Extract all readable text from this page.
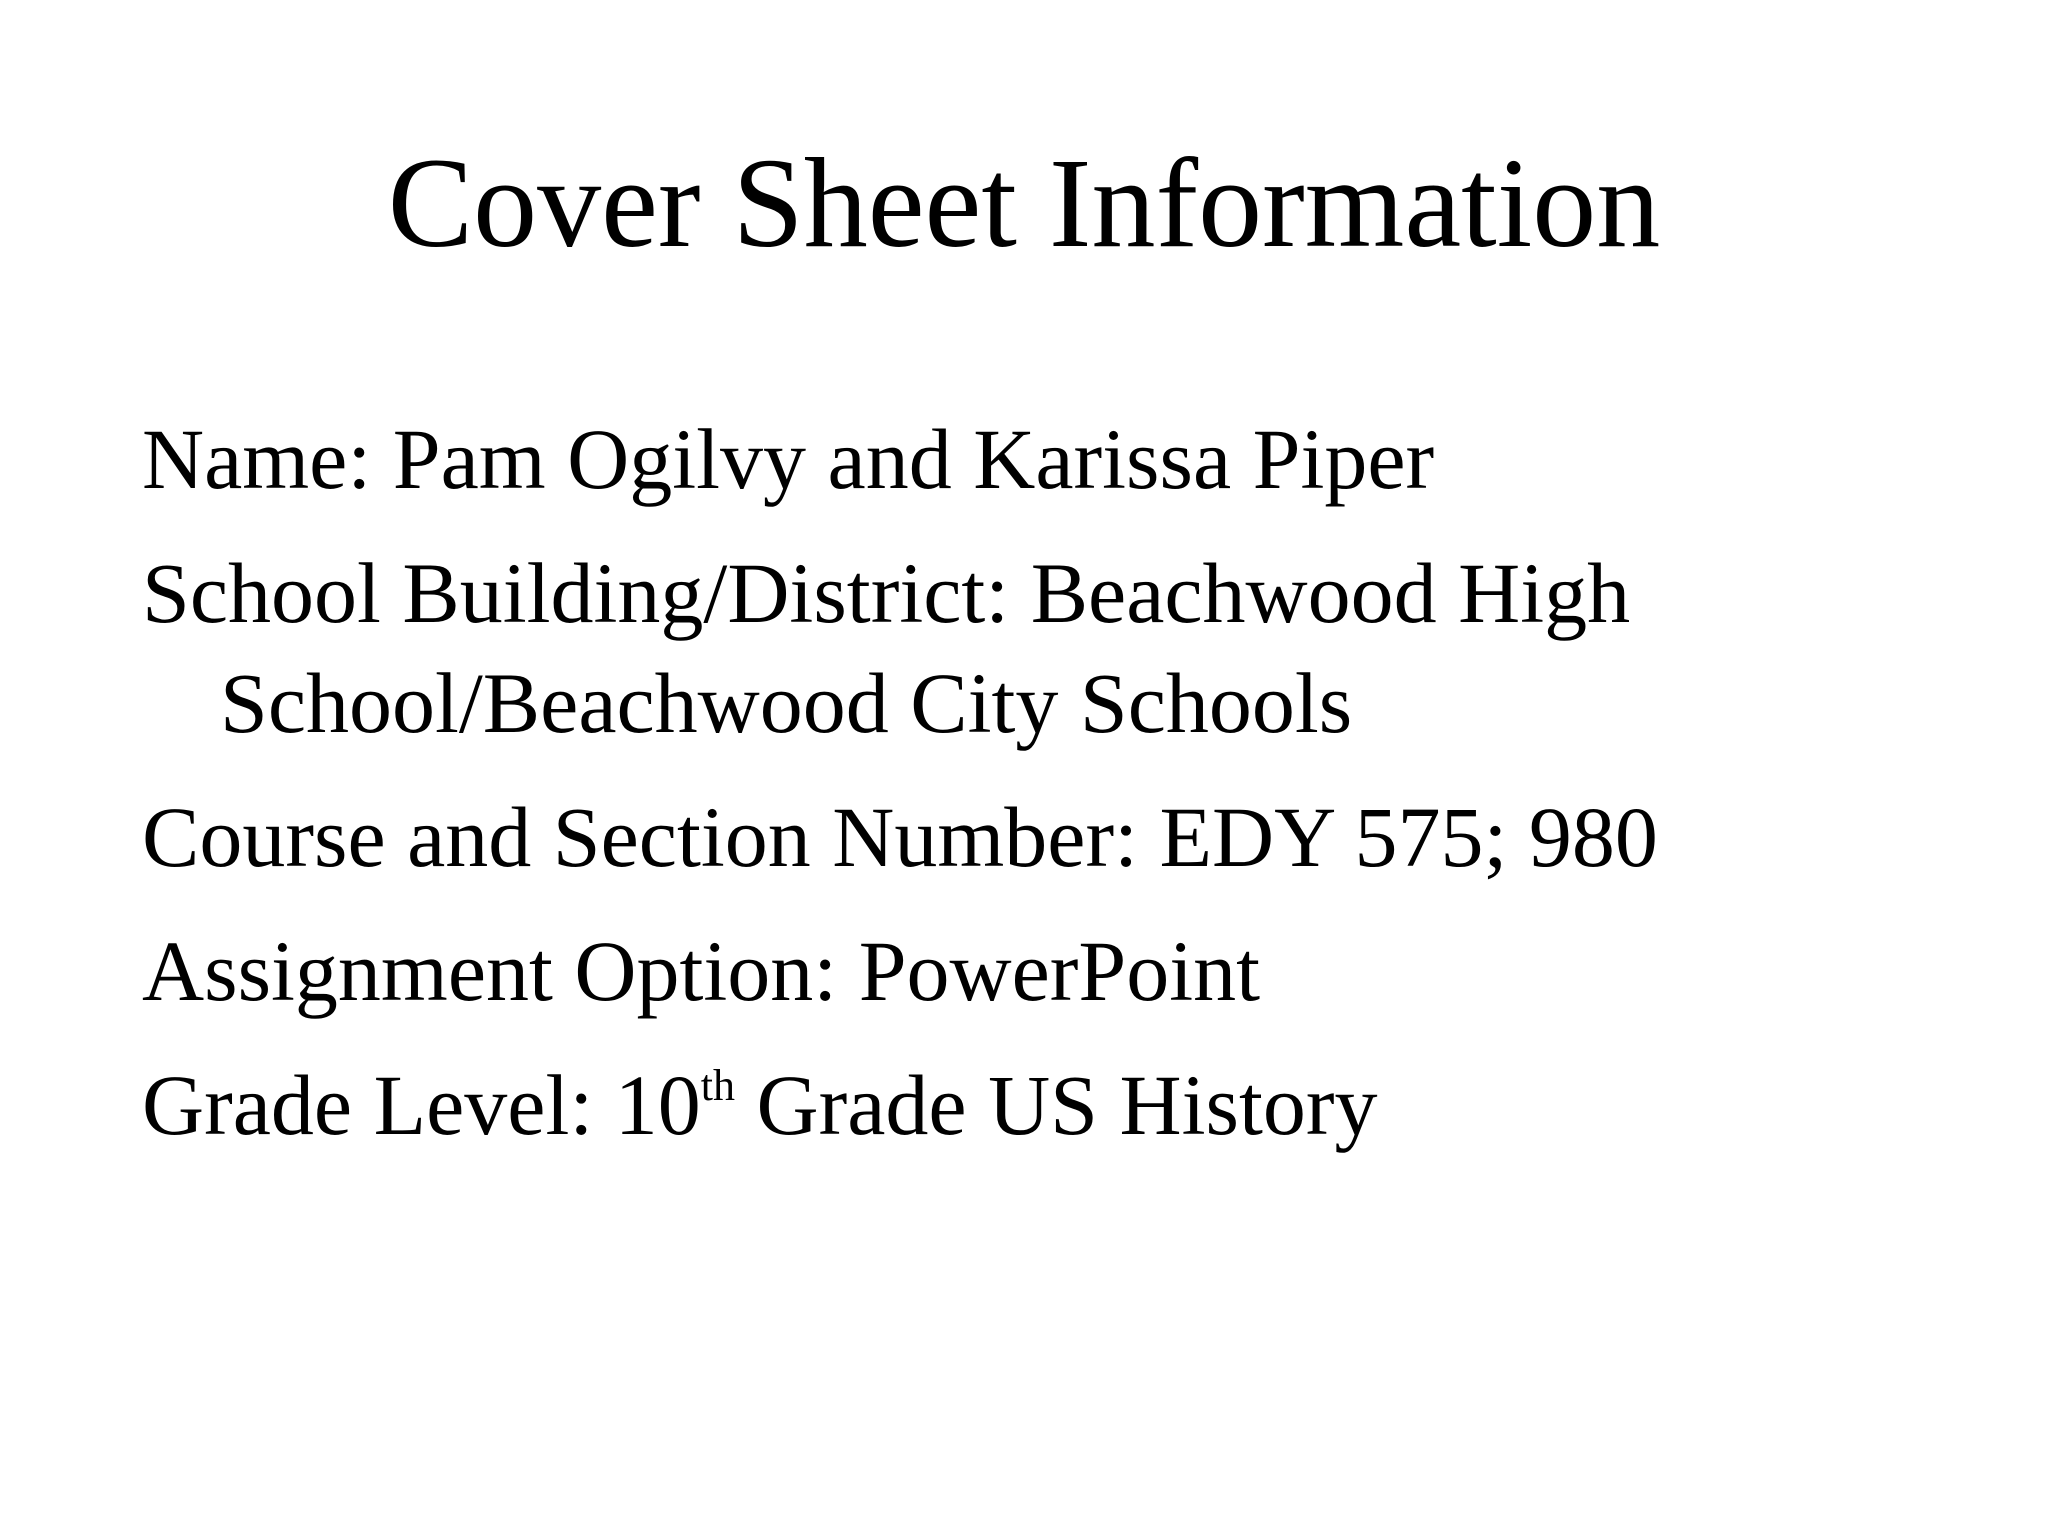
Cover Sheet Information
Name: Pam Ogilvy and Karissa Piper
School Building/District: Beachwood High
School/Beachwood City Schools
Course and Section Number: EDY 575; 980
Assignment Option: PowerPoint
Grade Level: 10th Grade US History
